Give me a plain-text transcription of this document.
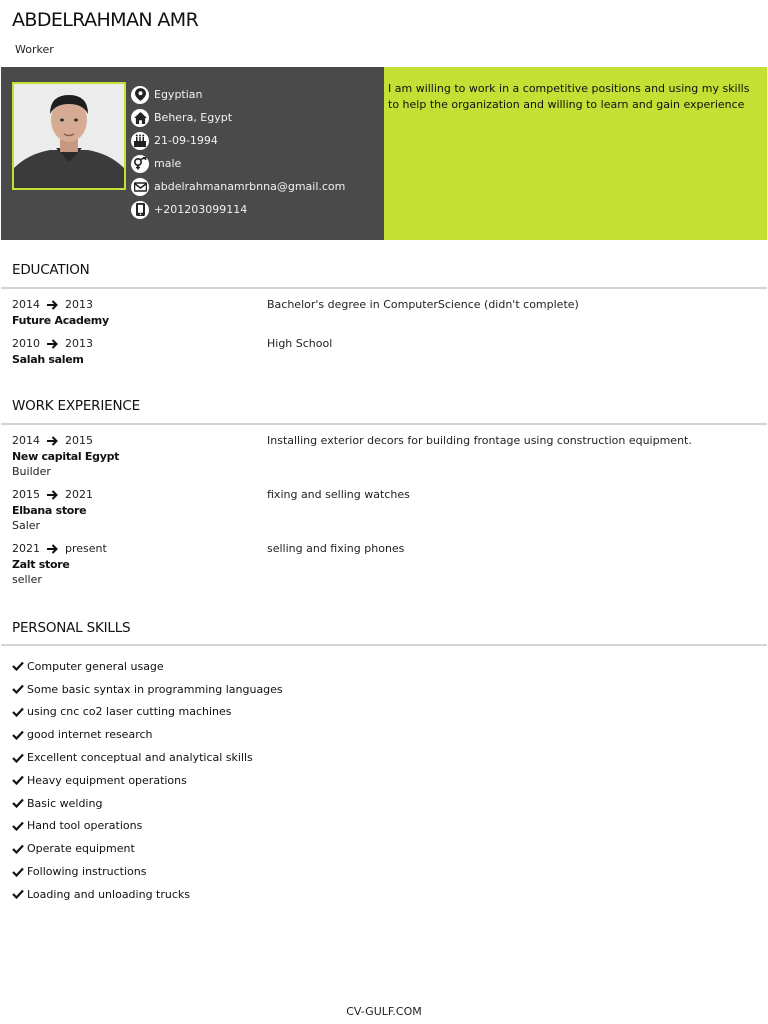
ABDELRAHMAN AMR
Worker
Egyptian
Behera, Egypt
21-09-1994
male
abdelrahmanamrbnna@gmail.com
+201203099114

I am willing to work in a competitive positions and using my skills to help the organization and willing to learn and gain experience

EDUCATION
2014 2013
Future Academy
Bachelor's degree in ComputerScience (didn't complete)
2010 2013
Salah salem
High School
WORK EXPERIENCE
2014 2015
New capital Egypt
Builder
Installing exterior decors for building frontage using construction equipment.
2015 2021
Elbana store
Saler
fixing and selling watches
2021 present
Zalt store
seller
selling and fixing phones
PERSONAL SKILLS
Computer general usage
Some basic syntax in programming languages
using cnc co2 laser cutting machines
good internet research
Excellent conceptual and analytical skills
Heavy equipment operations
Basic welding
Hand tool operations
Operate equipment
Following instructions
Loading and unloading trucks
CV-GULF.COM
